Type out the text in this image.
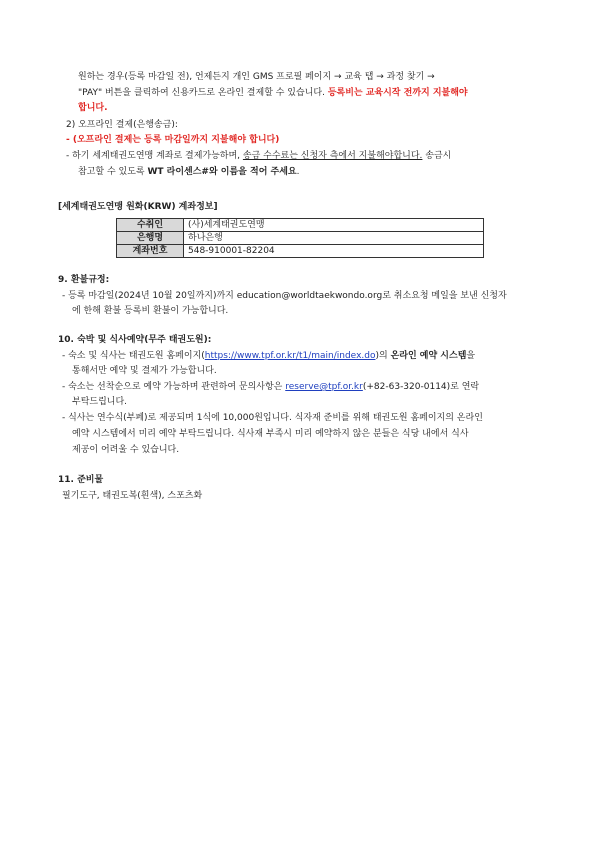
원하는 경우(등록 마감일 전), 언제든지 개인 GMS 프로필 페이지 → 교육 탭 → 과정 찾기 →
"PAY" 버튼을 클릭하여 신용카드로 온라인 결제할 수 있습니다. 등록비는 교육시작 전까지 지불해야
합니다.
2) 오프라인 결제(은행송금):
- (오프라인 결제는 등록 마감일까지 지불해야 합니다)
- 하기 세계태권도연맹 계좌로 결제가능하며, 송금 수수료는 신청자 측에서 지불해야합니다. 송금시
참고할 수 있도록 WT 라이센스#와 이름을 적어 주세요.
[세계태권도연맹 원화(KRW) 계좌정보]
수취인	(사)세계태권도연맹
은행명	하나은행
계좌번호	548-910001-82204
9. 환불규정:
- 등록 마감일(2024년 10월 20일까지)까지 education@worldtaekwondo.org로 취소요청 메일을 보낸 신청자
에 한해 환불 등록비 환불이 가능합니다.
10. 숙박 및 식사예약(무주 태권도원):
- 숙소 및 식사는 태권도원 홈페이지(https://www.tpf.or.kr/t1/main/index.do)의 온라인 예약 시스템을
통해서만 예약 및 결제가 가능합니다.
- 숙소는 선착순으로 예약 가능하며 관련하여 문의사항은 reserve@tpf.or.kr(+82-63-320-0114)로 연락
부탁드립니다.
- 식사는 연수식(부페)로 제공되며 1식에 10,000원입니다. 식자재 준비를 위해 태권도원 홈페이지의 온라인
예약 시스템에서 미리 예약 부탁드립니다. 식사재 부족시 미리 예약하지 않은 분들은 식당 내에서 식사
제공이 어려울 수 있습니다.
11. 준비물
필기도구, 태권도복(흰색), 스포츠화
